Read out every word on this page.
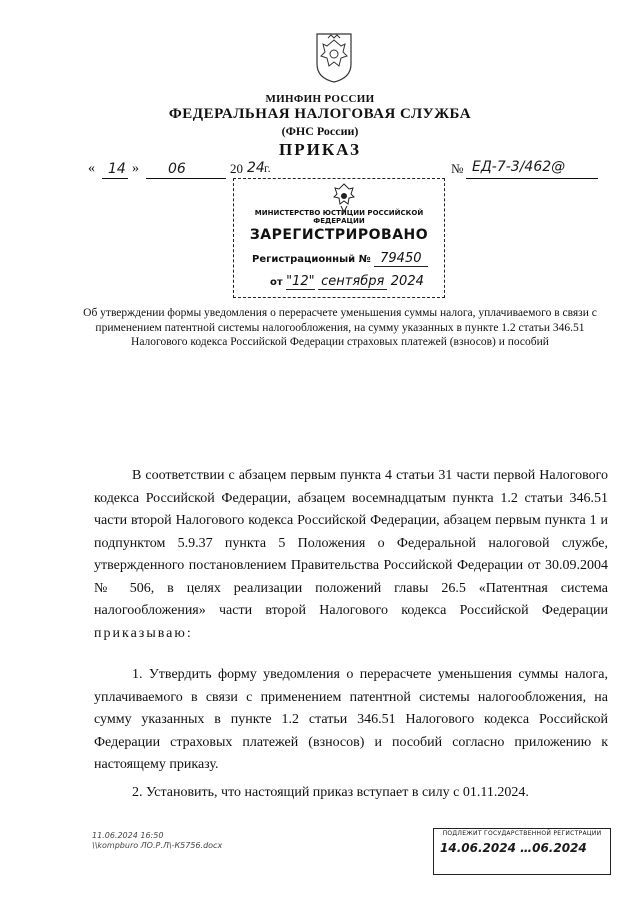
МИНФИН РОССИИ
ФЕДЕРАЛЬНАЯ НАЛОГОВАЯ СЛУЖБА
(ФНС России)
ПРИКАЗ
« 14 » 06	20 24 г.	№ ЕД-7-3/462@
МИНИСТЕРСТВО ЮСТИЦИИ РОССИЙСКОЙ ФЕДЕРАЦИИ
ЗАРЕГИСТРИРОВАНО
Регистрационный № 79450
от "12" сентября 2024
Об утверждении формы уведомления о перерасчете уменьшения суммы налога, уплачиваемого в связи с применением патентной системы налогообложения, на сумму указанных в пункте 1.2 статьи 346.51 Налогового кодекса Российской Федерации страховых платежей (взносов) и пособий
В соответствии с абзацем первым пункта 4 статьи 31 части первой Налогового кодекса Российской Федерации, абзацем восемнадцатым пункта 1.2 статьи 346.51 части второй Налогового кодекса Российской Федерации, абзацем первым пункта 1 и подпунктом 5.9.37 пункта 5 Положения о Федеральной налоговой службе, утвержденного постановлением Правительства Российской Федерации от 30.09.2004 № 506, в целях реализации положений главы 26.5 «Патентная система налогообложения» части второй Налогового кодекса Российской Федерации приказываю:
1. Утвердить форму уведомления о перерасчете уменьшения суммы налога, уплачиваемого в связи с применением патентной системы налогообложения, на сумму указанных в пункте 1.2 статьи 346.51 Налогового кодекса Российской Федерации страховых платежей (взносов) и пособий согласно приложению к настоящему приказу.
2. Установить, что настоящий приказ вступает в силу с 01.11.2024.
11.06.2024 16:50
\\kompburo ЛО.Р.Л\-К5756.docx
ПОДЛЕЖИТ ГОСУДАРСТВЕННОЙ РЕГИСТРАЦИИ
14.06.2024 …06.2024
